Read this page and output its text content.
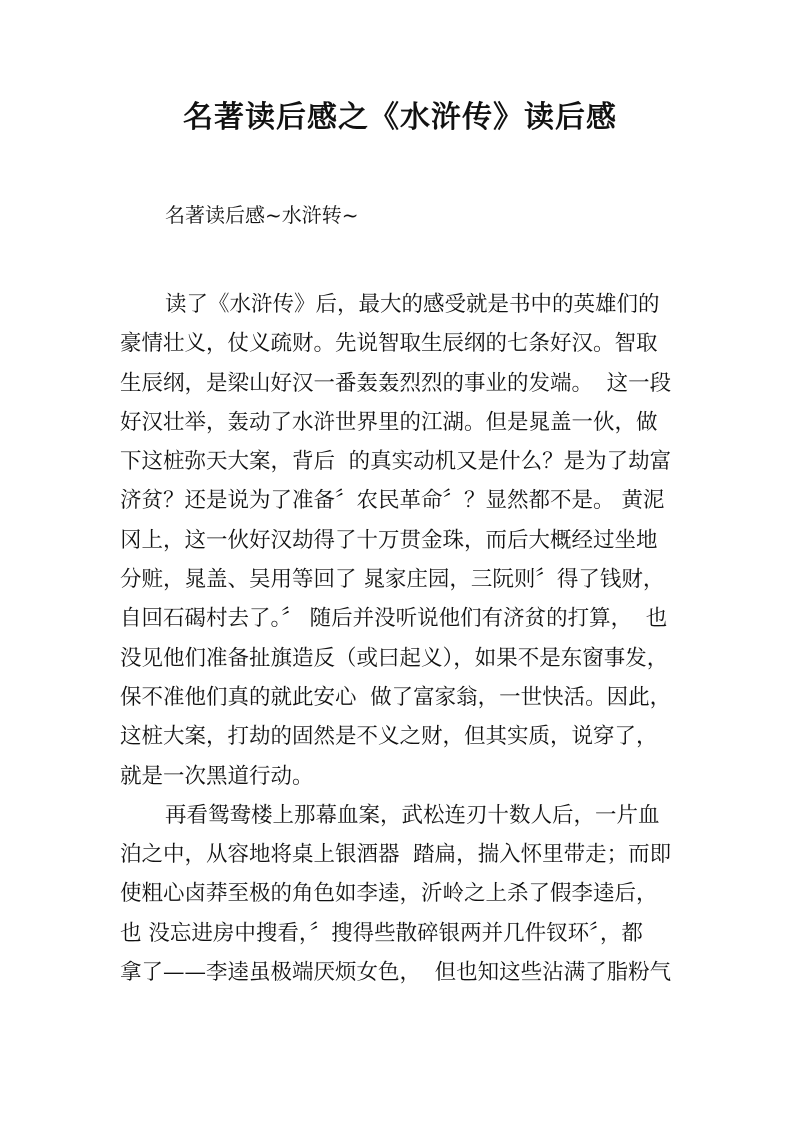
名著读后感之《水浒传》读后感
名著读后感~水浒转~
读了《水浒传》后，最大的感受就是书中的英雄们的
豪情壮义，仗义疏财。先说智取生辰纲的七条好汉。智取
生辰纲，是梁山好汉一番轰轰烈烈的事业的发端。  这一段
好汉壮举，轰动了水浒世界里的江湖。但是晁盖一伙，做
下这桩弥天大案，背后  的真实动机又是什么？是为了劫富
济贫？还是说为了准备〞农民革命〞？显然都不是。 黄泥
冈上，这一伙好汉劫得了十万贯金珠，而后大概经过坐地
分赃，晁盖、吴用等回了 晁家庄园，三阮则〞得了钱财，
自回石碣村去了。〞 随后并没听说他们有济贫的打算，  也
没见他们准备扯旗造反（或曰起义），如果不是东窗事发，
保不准他们真的就此安心  做了富家翁，一世快活。因此，
这桩大案，打劫的固然是不义之财，但其实质，说穿了，
就是一次黑道行动。
再看鸳鸯楼上那幕血案，武松连刃十数人后，一片血
泊之中，从容地将桌上银酒器  踏扁，揣入怀里带走；而即
使粗心卤莽至极的角色如李逵，沂岭之上杀了假李逵后，
也 没忘进房中搜看，〞搜得些散碎银两并几件钗环〞，都
拿了——李逵虽极端厌烦女色，  但也知这些沾满了脂粉气
